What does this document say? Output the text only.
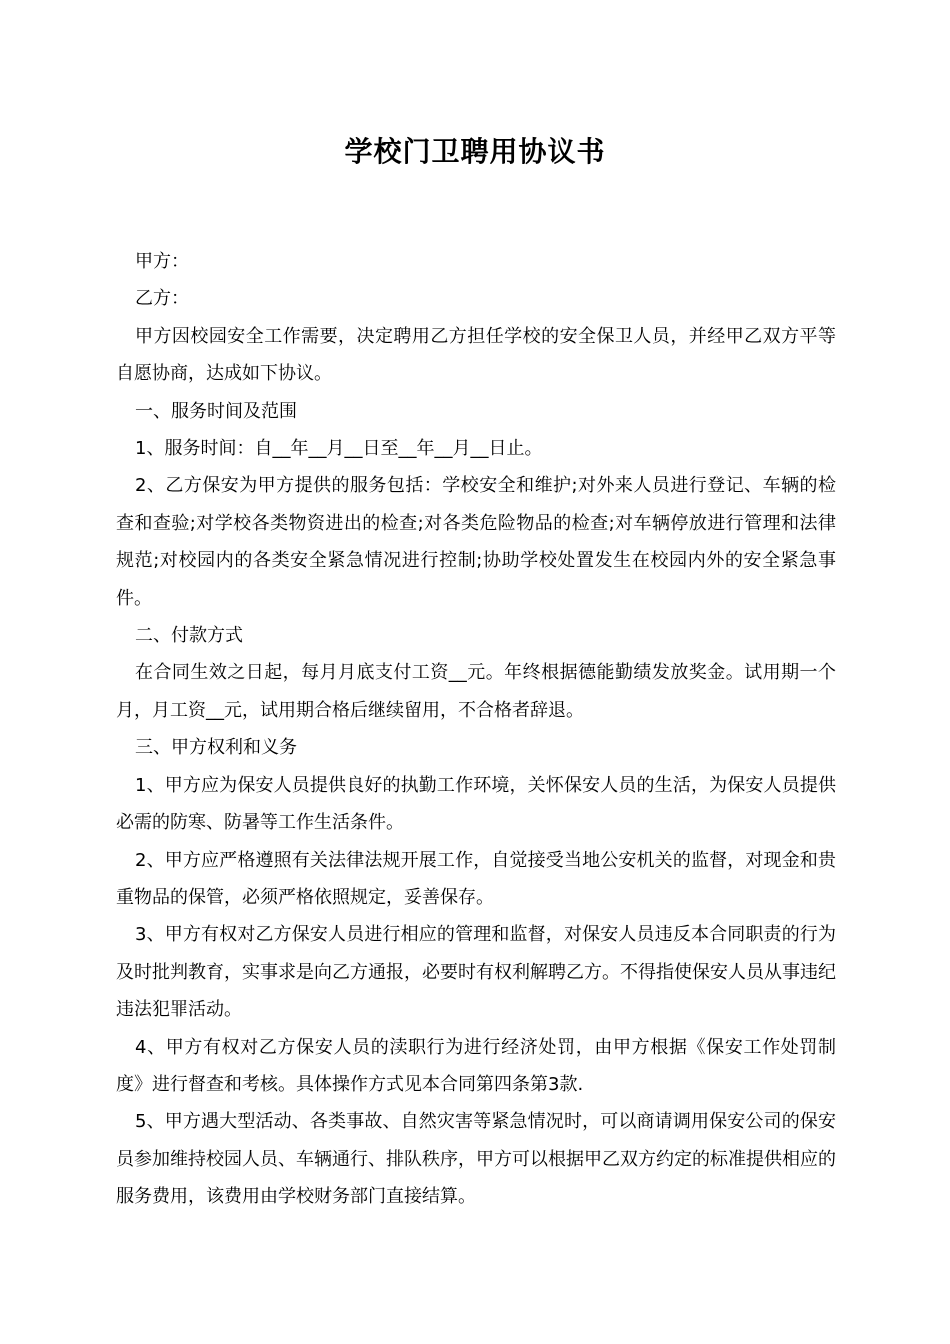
学校门卫聘用协议书

甲方：

乙方：

甲方因校园安全工作需要，决定聘用乙方担任学校的安全保卫人员，并经甲乙双方平等自愿协商，达成如下协议。

一、服务时间及范围

1、服务时间：自__年__月__日至__年__月__日止。

2、乙方保安为甲方提供的服务包括：学校安全和维护;对外来人员进行登记、车辆的检查和查验;对学校各类物资进出的检查;对各类危险物品的检查;对车辆停放进行管理和法律规范;对校园内的各类安全紧急情况进行控制;协助学校处置发生在校园内外的安全紧急事件。

二、付款方式

在合同生效之日起，每月月底支付工资__元。年终根据德能勤绩发放奖金。试用期一个月，月工资__元，试用期合格后继续留用，不合格者辞退。

三、甲方权利和义务

1、甲方应为保安人员提供良好的执勤工作环境，关怀保安人员的生活，为保安人员提供必需的防寒、防暑等工作生活条件。

2、甲方应严格遵照有关法律法规开展工作，自觉接受当地公安机关的监督，对现金和贵重物品的保管，必须严格依照规定，妥善保存。

3、甲方有权对乙方保安人员进行相应的管理和监督，对保安人员违反本合同职责的行为及时批判教育，实事求是向乙方通报，必要时有权利解聘乙方。不得指使保安人员从事违纪违法犯罪活动。

4、甲方有权对乙方保安人员的渎职行为进行经济处罚，由甲方根据《保安工作处罚制度》进行督查和考核。具体操作方式见本合同第四条第3款.

5、甲方遇大型活动、各类事故、自然灾害等紧急情况时，可以商请调用保安公司的保安员参加维持校园人员、车辆通行、排队秩序，甲方可以根据甲乙双方约定的标准提供相应的服务费用，该费用由学校财务部门直接结算。
